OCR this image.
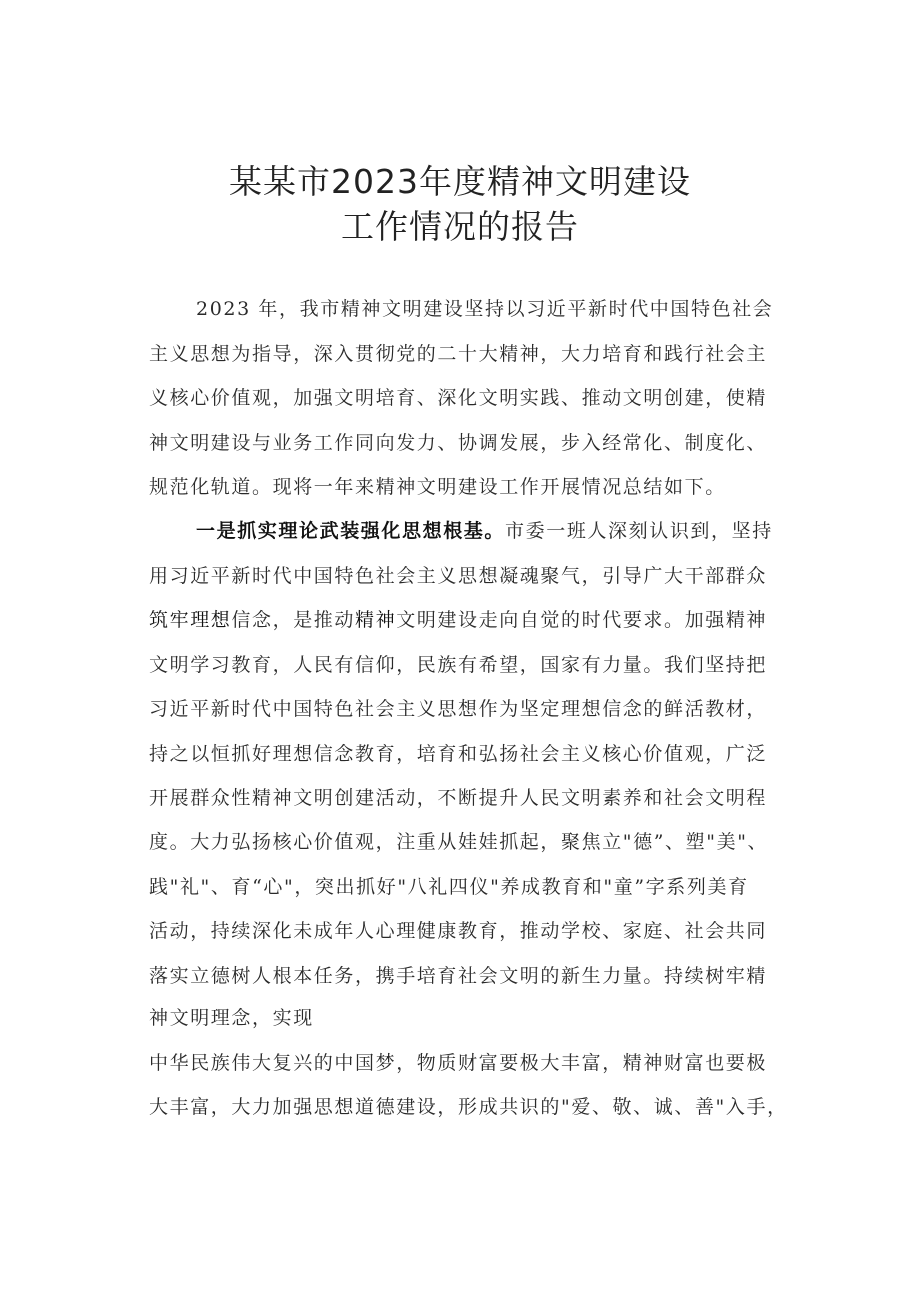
某某市2023年度精神文明建设
工作情况的报告
2023 年，我市精神文明建设坚持以习近平新时代中国特色社会
主义思想为指导，深入贯彻党的二十大精神，大力培育和践行社会主
义核心价值观，加强文明培育、深化文明实践、推动文明创建，使精
神文明建设与业务工作同向发力、协调发展，步入经常化、制度化、
规范化轨道。现将一年来精神文明建设工作开展情况总结如下。
一是抓实理论武装强化思想根基。市委一班人深刻认识到，坚持
用习近平新时代中国特色社会主义思想凝魂聚气，引导广大干部群众
筑牢理想信念，是推动精神文明建设走向自觉的时代要求。加强精神
文明学习教育，人民有信仰，民族有希望，国家有力量。我们坚持把
习近平新时代中国特色社会主义思想作为坚定理想信念的鲜活教材，
持之以恒抓好理想信念教育，培育和弘扬社会主义核心价值观，广泛
开展群众性精神文明创建活动，不断提升人民文明素养和社会文明程
度。大力弘扬核心价值观，注重从娃娃抓起，聚焦立"德”、塑"美"、
践"礼"、育“心"，突出抓好"八礼四仪"养成教育和"童”字系列美育
活动，持续深化未成年人心理健康教育，推动学校、家庭、社会共同
落实立德树人根本任务，携手培育社会文明的新生力量。持续树牢精
神文明理念，实现
中华民族伟大复兴的中国梦，物质财富要极大丰富，精神财富也要极
大丰富，大力加强思想道德建设，形成共识的"爱、敬、诚、善"入手，
